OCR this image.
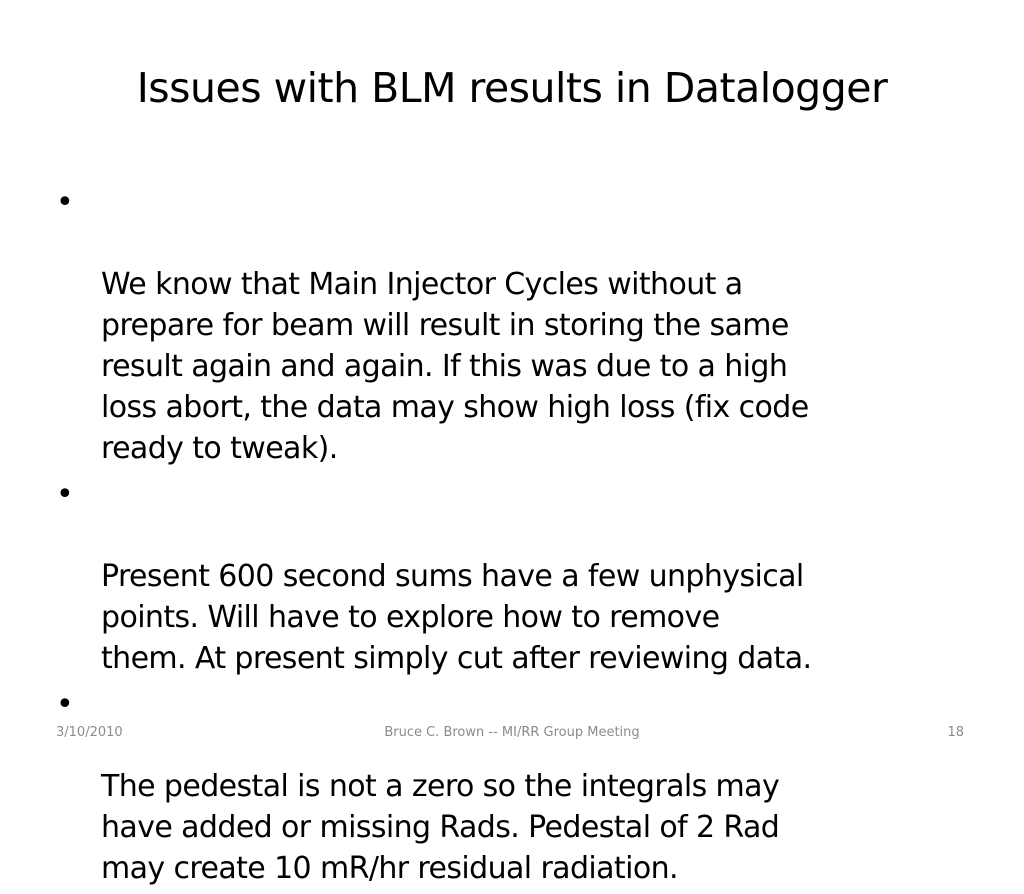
Issues with BLM results in Datalogger

•

We know that Main Injector Cycles without a
prepare for beam will result in storing the same
result again and again. If this was due to a high
loss abort, the data may show high loss (fix code
ready to tweak).

•

Present 600 second sums have a few unphysical
points. Will have to explore how to remove
them. At present simply cut after reviewing data.

•

The pedestal is not a zero so the integrals may
have added or missing Rads. Pedestal of 2 Rad
may create 10 mR/hr residual radiation.

3/10/2010	Bruce C. Brown -- MI/RR Group Meeting	18
